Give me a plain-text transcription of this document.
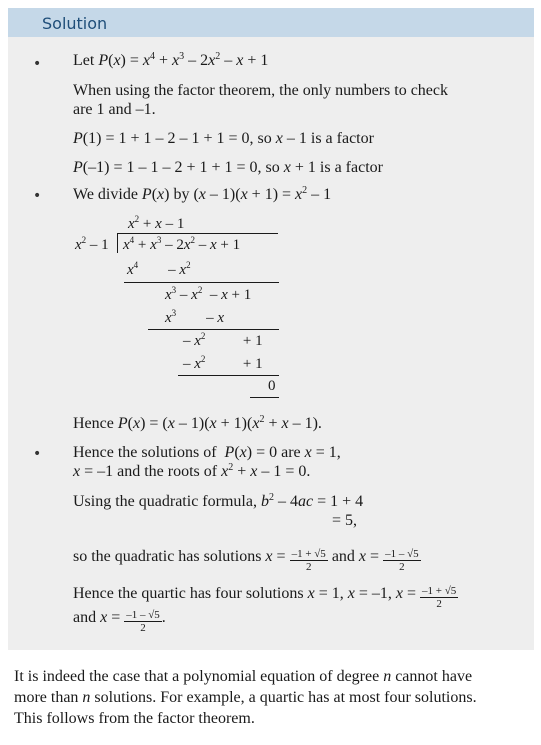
Solution
•
•
•
Let $P(x) = x^4 + x^3 - 2x^2 - x + 1$
When using the factor theorem, the only numbers to check
are 1 and –1.
P(1) = 1 + 1 – 2 – 1 + 1 = 0, so x – 1 is a factor
P(–1) = 1 – 1 – 2 + 1 + 1 = 0, so x + 1 is a factor
We divide P(x) by $(x - 1)(x + 1) = x^2 - 1$
$x^2 + x - 1$
$x^2 - 1$ $x^4 + x^3 - 2x^2 - x + 1$
$x^4$        – $x^2$
$x^3 - x^2 - x + 1$
$x^3$        – x
– $x^2$          + 1
– $x^2$          + 1
0
Hence $P(x) = (x - 1)(x + 1)(x^2 + x - 1)$.
Hence the solutions of  P(x) = 0 are x = 1,
x = –1 and the roots of $x^2 + x - 1 = 0$.
Using the quadratic formula, $b^2 - 4ac = 1 + 4$
= 5,
so the quadratic has solutions $x = \frac{-1 + √5}{2}$ and $x = \frac{-1 - √5}{2}$
Hence the quartic has four solutions x = 1, x = –1, $x = \frac{-1 + √5}{2}$
and $x = \frac{-1 - √5}{2}$ .
It is indeed the case that a polynomial equation of degree n cannot have
more than n solutions. For example, a quartic has at most four solutions.
This follows from the factor theorem.
